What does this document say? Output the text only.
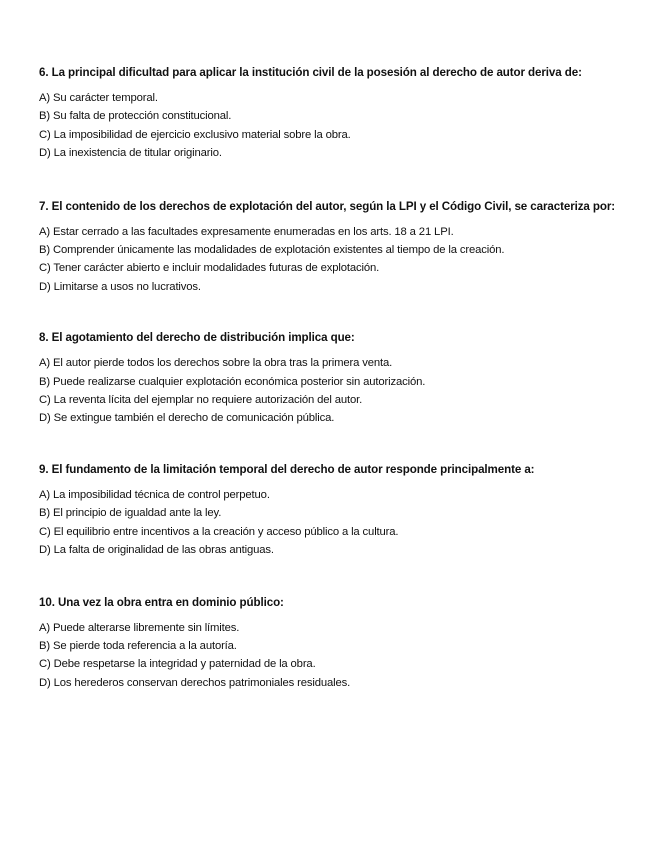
6. La principal dificultad para aplicar la institución civil de la posesión al derecho de autor deriva de:

A) Su carácter temporal.
B) Su falta de protección constitucional.
C) La imposibilidad de ejercicio exclusivo material sobre la obra.
D) La inexistencia de titular originario.

7. El contenido de los derechos de explotación del autor, según la LPI y el Código Civil, se caracteriza por:

A) Estar cerrado a las facultades expresamente enumeradas en los arts. 18 a 21 LPI.
B) Comprender únicamente las modalidades de explotación existentes al tiempo de la creación.
C) Tener carácter abierto e incluir modalidades futuras de explotación.
D) Limitarse a usos no lucrativos.

8. El agotamiento del derecho de distribución implica que:

A) El autor pierde todos los derechos sobre la obra tras la primera venta.
B) Puede realizarse cualquier explotación económica posterior sin autorización.
C) La reventa lícita del ejemplar no requiere autorización del autor.
D) Se extingue también el derecho de comunicación pública.

9. El fundamento de la limitación temporal del derecho de autor responde principalmente a:

A) La imposibilidad técnica de control perpetuo.
B) El principio de igualdad ante la ley.
C) El equilibrio entre incentivos a la creación y acceso público a la cultura.
D) La falta de originalidad de las obras antiguas.

10. Una vez la obra entra en dominio público:

A) Puede alterarse libremente sin límites.
B) Se pierde toda referencia a la autoría.
C) Debe respetarse la integridad y paternidad de la obra.
D) Los herederos conservan derechos patrimoniales residuales.
